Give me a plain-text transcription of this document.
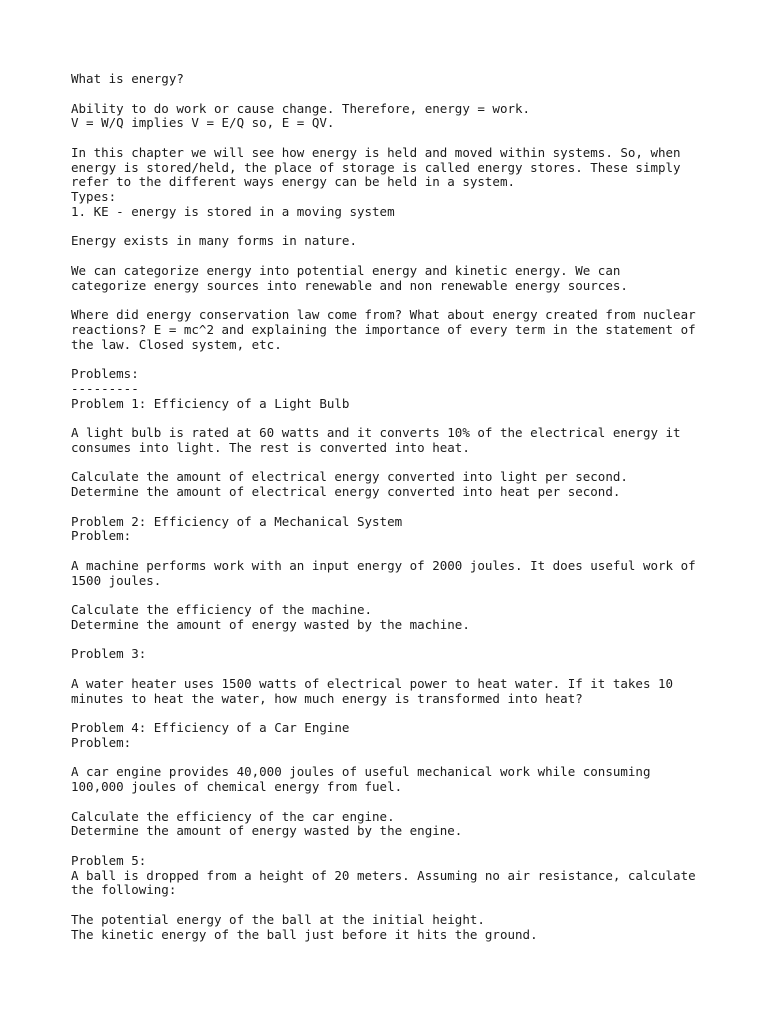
What is energy?

Ability to do work or cause change. Therefore, energy = work.
V = W/Q implies V = E/Q so, E = QV.

In this chapter we will see how energy is held and moved within systems. So, when
energy is stored/held, the place of storage is called energy stores. These simply
refer to the different ways energy can be held in a system.
Types:
1. KE - energy is stored in a moving system

Energy exists in many forms in nature.

We can categorize energy into potential energy and kinetic energy. We can
categorize energy sources into renewable and non renewable energy sources.

Where did energy conservation law come from? What about energy created from nuclear
reactions? E = mc^2 and explaining the importance of every term in the statement of
the law. Closed system, etc.

Problems:
---------
Problem 1: Efficiency of a Light Bulb

A light bulb is rated at 60 watts and it converts 10% of the electrical energy it
consumes into light. The rest is converted into heat.

Calculate the amount of electrical energy converted into light per second.
Determine the amount of electrical energy converted into heat per second.

Problem 2: Efficiency of a Mechanical System
Problem:

A machine performs work with an input energy of 2000 joules. It does useful work of
1500 joules.

Calculate the efficiency of the machine.
Determine the amount of energy wasted by the machine.

Problem 3:

A water heater uses 1500 watts of electrical power to heat water. If it takes 10
minutes to heat the water, how much energy is transformed into heat?

Problem 4: Efficiency of a Car Engine
Problem:

A car engine provides 40,000 joules of useful mechanical work while consuming
100,000 joules of chemical energy from fuel.

Calculate the efficiency of the car engine.
Determine the amount of energy wasted by the engine.

Problem 5:
A ball is dropped from a height of 20 meters. Assuming no air resistance, calculate
the following:

The potential energy of the ball at the initial height.
The kinetic energy of the ball just before it hits the ground.
